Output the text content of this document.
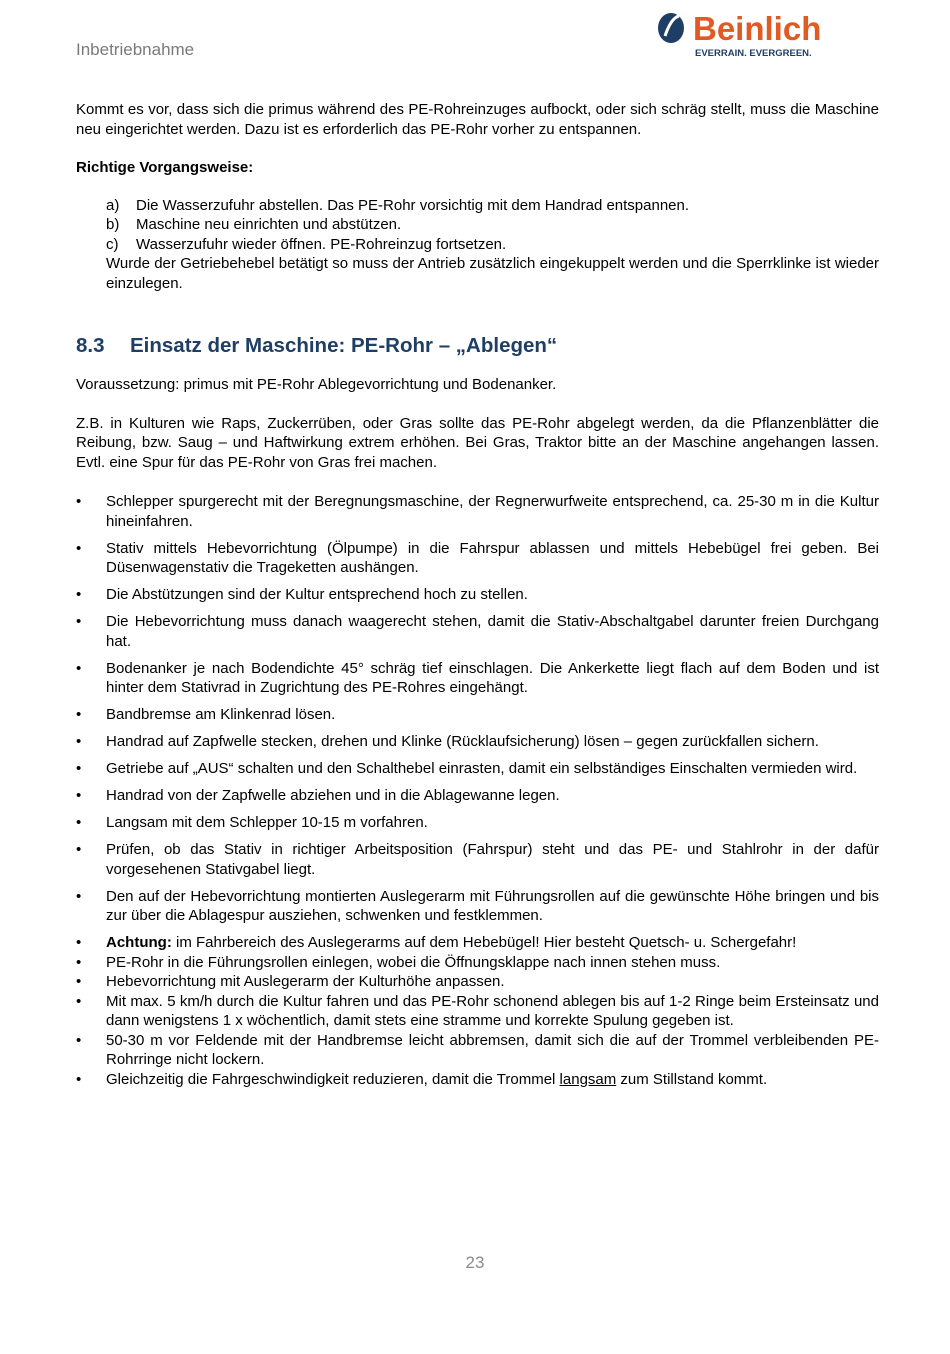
Inbetriebnahme
Beinlich
EVERRAIN. EVERGREEN.

Kommt es vor, dass sich die primus während des PE-Rohreinzuges aufbockt, oder sich schräg stellt, muss die Maschine neu eingerichtet werden. Dazu ist es erforderlich das PE-Rohr vorher zu entspannen.

Richtige Vorgangsweise:

a) Die Wasserzufuhr abstellen. Das PE-Rohr vorsichtig mit dem Handrad entspannen.
b) Maschine neu einrichten und abstützen.
c) Wasserzufuhr wieder öffnen. PE-Rohreinzug fortsetzen.

Wurde der Getriebehebel betätigt so muss der Antrieb zusätzlich eingekuppelt werden und die Sperrklinke ist wieder einzulegen.

8.3 Einsatz der Maschine: PE-Rohr – „Ablegen“

Voraussetzung: primus mit PE-Rohr Ablegevorrichtung und Bodenanker.

Z.B. in Kulturen wie Raps, Zuckerrüben, oder Gras sollte das PE-Rohr abgelegt werden, da die Pflanzenblätter die Reibung, bzw. Saug – und Haftwirkung extrem erhöhen. Bei Gras, Traktor bitte an der Maschine angehangen lassen. Evtl. eine Spur für das PE-Rohr von Gras frei machen.

• Schlepper spurgerecht mit der Beregnungsmaschine, der Regnerwurfweite entsprechend, ca. 25-30 m in die Kultur hineinfahren.
• Stativ mittels Hebevorrichtung (Ölpumpe) in die Fahrspur ablassen und mittels Hebebügel frei geben. Bei Düsenwagenstativ die Trageketten aushängen.
• Die Abstützungen sind der Kultur entsprechend hoch zu stellen.
• Die Hebevorrichtung muss danach waagerecht stehen, damit die Stativ-Abschaltgabel darunter freien Durchgang hat.
• Bodenanker je nach Bodendichte 45° schräg tief einschlagen. Die Ankerkette liegt flach auf dem Boden und ist hinter dem Stativrad in Zugrichtung des PE-Rohres eingehängt.
• Bandbremse am Klinkenrad lösen.
• Handrad auf Zapfwelle stecken, drehen und Klinke (Rücklaufsicherung) lösen – gegen zurückfallen sichern.
• Getriebe auf „AUS“ schalten und den Schalthebel einrasten, damit ein selbständiges Einschalten vermieden wird.
• Handrad von der Zapfwelle abziehen und in die Ablagewanne legen.
• Langsam mit dem Schlepper 10-15 m vorfahren.
• Prüfen, ob das Stativ in richtiger Arbeitsposition (Fahrspur) steht und das PE- und Stahlrohr in der dafür vorgesehenen Stativgabel liegt.
• Den auf der Hebevorrichtung montierten Auslegerarm mit Führungsrollen auf die gewünschte Höhe bringen und bis zur über die Ablagespur ausziehen, schwenken und festklemmen.
• Achtung: im Fahrbereich des Auslegerarms auf dem Hebebügel! Hier besteht Quetsch- u. Schergefahr!
• PE-Rohr in die Führungsrollen einlegen, wobei die Öffnungsklappe nach innen stehen muss.
• Hebevorrichtung mit Auslegerarm der Kulturhöhe anpassen.
• Mit max. 5 km/h durch die Kultur fahren und das PE-Rohr schonend ablegen bis auf 1-2 Ringe beim Ersteinsatz und dann wenigstens 1 x wöchentlich, damit stets eine stramme und korrekte Spulung gegeben ist.
• 50-30 m vor Feldende mit der Handbremse leicht abbremsen, damit sich die auf der Trommel verbleibenden PE-Rohrringe nicht lockern.
• Gleichzeitig die Fahrgeschwindigkeit reduzieren, damit die Trommel langsam zum Stillstand kommt.
23
